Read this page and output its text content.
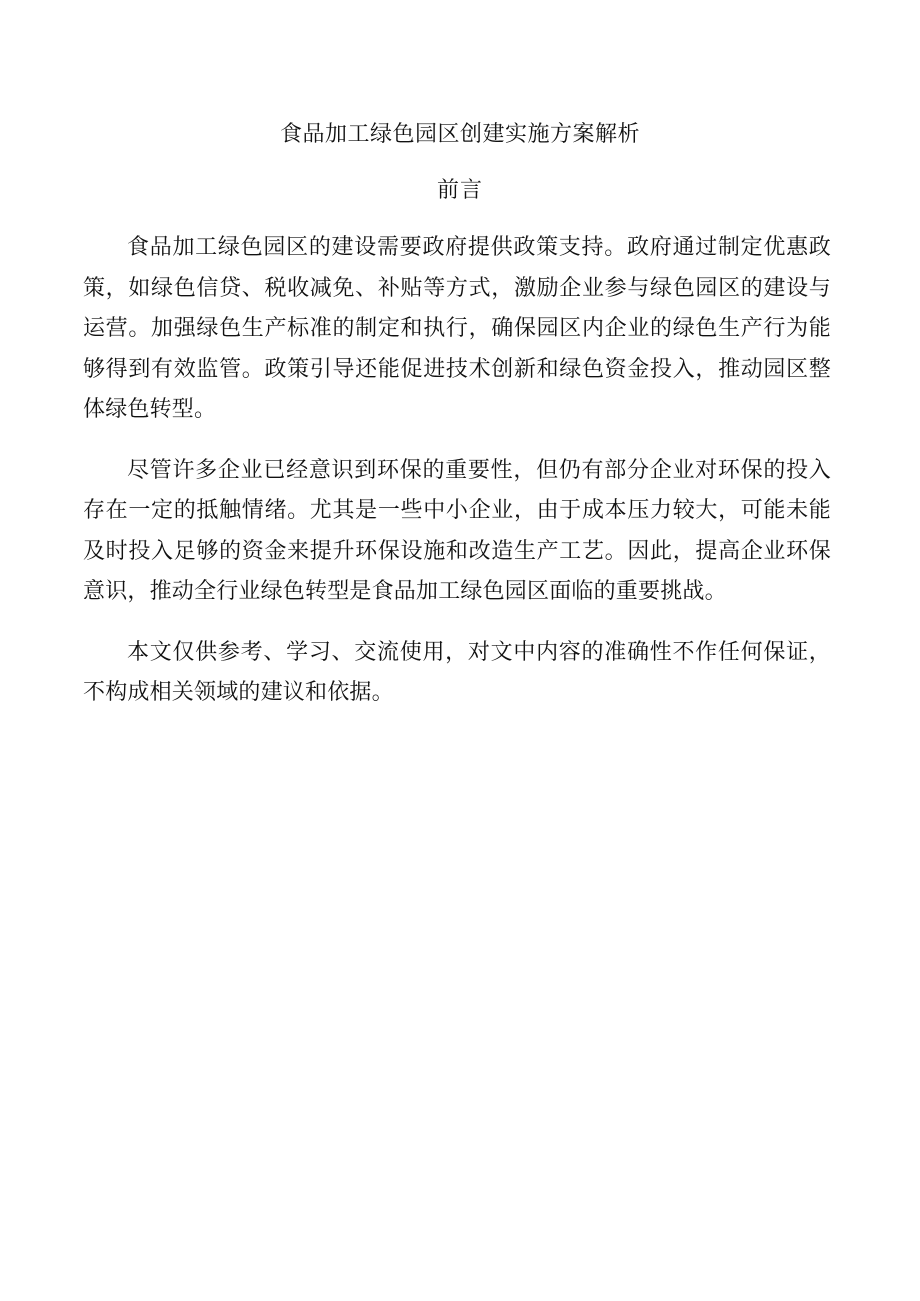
食品加工绿色园区创建实施方案解析
前言

食品加工绿色园区的建设需要政府提供政策支持。政府通过制定优惠政策，如绿色信贷、税收减免、补贴等方式，激励企业参与绿色园区的建设与运营。加强绿色生产标准的制定和执行，确保园区内企业的绿色生产行为能够得到有效监管。政策引导还能促进技术创新和绿色资金投入，推动园区整体绿色转型。

尽管许多企业已经意识到环保的重要性，但仍有部分企业对环保的投入存在一定的抵触情绪。尤其是一些中小企业，由于成本压力较大，可能未能及时投入足够的资金来提升环保设施和改造生产工艺。因此，提高企业环保意识，推动全行业绿色转型是食品加工绿色园区面临的重要挑战。

本文仅供参考、学习、交流使用，对文中内容的准确性不作任何保证，不构成相关领域的建议和依据。
